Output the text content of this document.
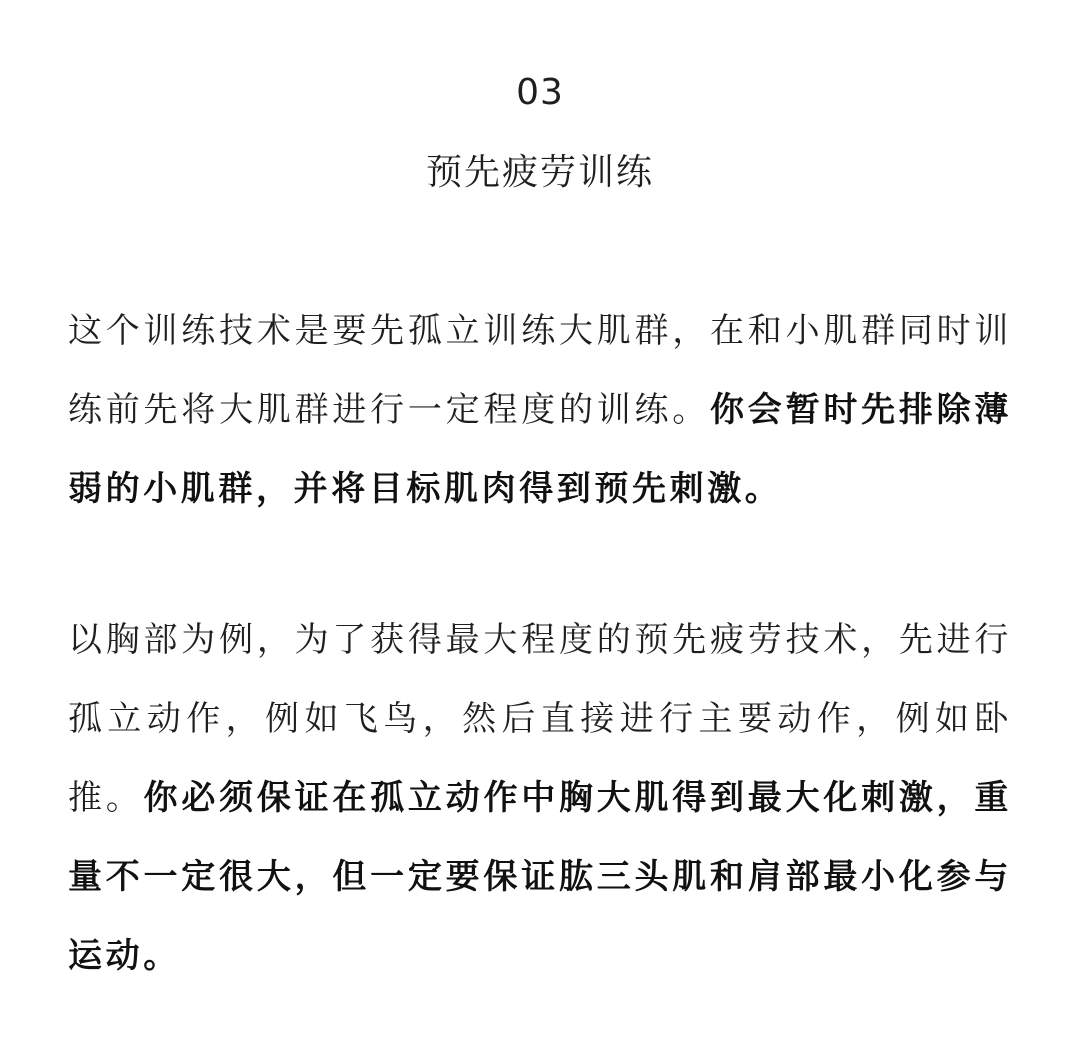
03
预先疲劳训练

这个训练技术是要先孤立训练大肌群，在和小肌群同时训练前先将大肌群进行一定程度的训练。你会暂时先排除薄弱的小肌群，并将目标肌肉得到预先刺激。

以胸部为例，为了获得最大程度的预先疲劳技术，先进行孤立动作，例如飞鸟，然后直接进行主要动作，例如卧推。你必须保证在孤立动作中胸大肌得到最大化刺激，重量不一定很大，但一定要保证肱三头肌和肩部最小化参与运动。
